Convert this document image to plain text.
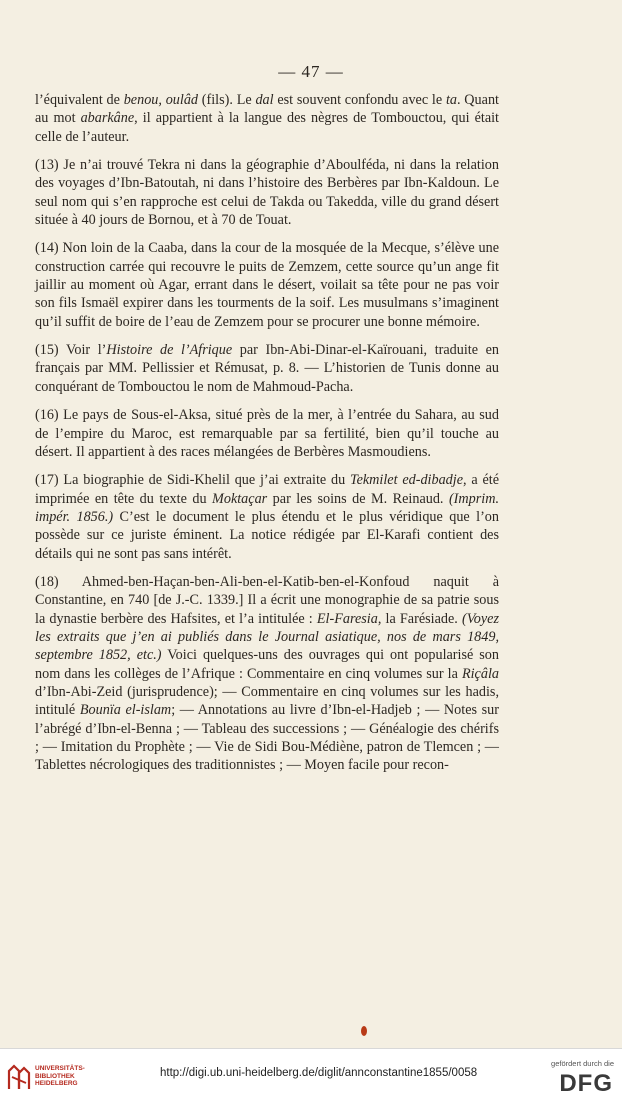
— 47 —

l’équivalent de benou, oulâd (fils). Le dal est souvent confondu avec le ta. Quant au mot abarkâne, il appartient à la langue des nègres de Tombouctou, qui était celle de l’auteur.

(13) Je n’ai trouvé Tekra ni dans la géographie d’Aboulféda, ni dans la relation des voyages d’Ibn-Batoutah, ni dans l’histoire des Berbères par Ibn-Kaldoun. Le seul nom qui s’en rapproche est celui de Takda ou Takedda, ville du grand désert située à 40 jours de Bornou, et à 70 de Touat.

(14) Non loin de la Caaba, dans la cour de la mosquée de la Mecque, s’élève une construction carrée qui recouvre le puits de Zemzem, cette source qu’un ange fit jaillir au moment où Agar, errant dans le désert, voilait sa tête pour ne pas voir son fils Ismaël expirer dans les tourments de la soif. Les musulmans s’imaginent qu’il suffit de boire de l’eau de Zemzem pour se procurer une bonne mémoire.

(15) Voir l’Histoire de l’Afrique par Ibn-Abi-Dinar-el-Kaïrouani, traduite en français par MM. Pellissier et Rémusat, p. 8. — L’historien de Tunis donne au conquérant de Tombouctou le nom de Mahmoud-Pacha.

(16) Le pays de Sous-el-Aksa, situé près de la mer, à l’entrée du Sahara, au sud de l’empire du Maroc, est remarquable par sa fertilité, bien qu’il touche au désert. Il appartient à des races mélangées de Berbères Masmoudiens.

(17) La biographie de Sidi-Khelil que j’ai extraite du Tekmilet ed-dibadje, a été imprimée en tête du texte du Moktaçar par les soins de M. Reinaud. (Imprim. impér. 1856.) C’est le document le plus étendu et le plus véridique que l’on possède sur ce juriste éminent. La notice rédigée par El-Karafi contient des détails qui ne sont pas sans intérêt.

(18) Ahmed-ben-Haçan-ben-Ali-ben-el-Katib-ben-el-Konfoud naquit à Constantine, en 740 [de J.-C. 1339.] Il a écrit une monographie de sa patrie sous la dynastie berbère des Hafsites, et l’a intitulée : El-Faresia, la Farésiade. (Voyez les extraits que j’en ai publiés dans le Journal asiatique, nos de mars 1849, septembre 1852, etc.) Voici quelques-uns des ouvrages qui ont popularisé son nom dans les collèges de l’Afrique : Commentaire en cinq volumes sur la Riçâla d’Ibn-Abi-Zeid (jurisprudence); — Commentaire en cinq volumes sur les hadis, intitulé Bounïa el-islam; — Annotations au livre d’Ibn-el-Hadjeb ; — Notes sur l’abrégé d’Ibn-el-Benna ; — Tableau des successions ; — Généalogie des chérifs ; — Imitation du Prophète ; — Vie de Sidi Bou-Médiène, patron de Tlemcen ; — Tablettes nécrologiques des traditionnistes ; — Moyen facile pour recon-

UNIVERSITÄTS-
BIBLIOTHEK
HEIDELBERG
http://digi.ub.uni-heidelberg.de/diglit/annconstantine1855/0058
gefördert durch die
DFG
